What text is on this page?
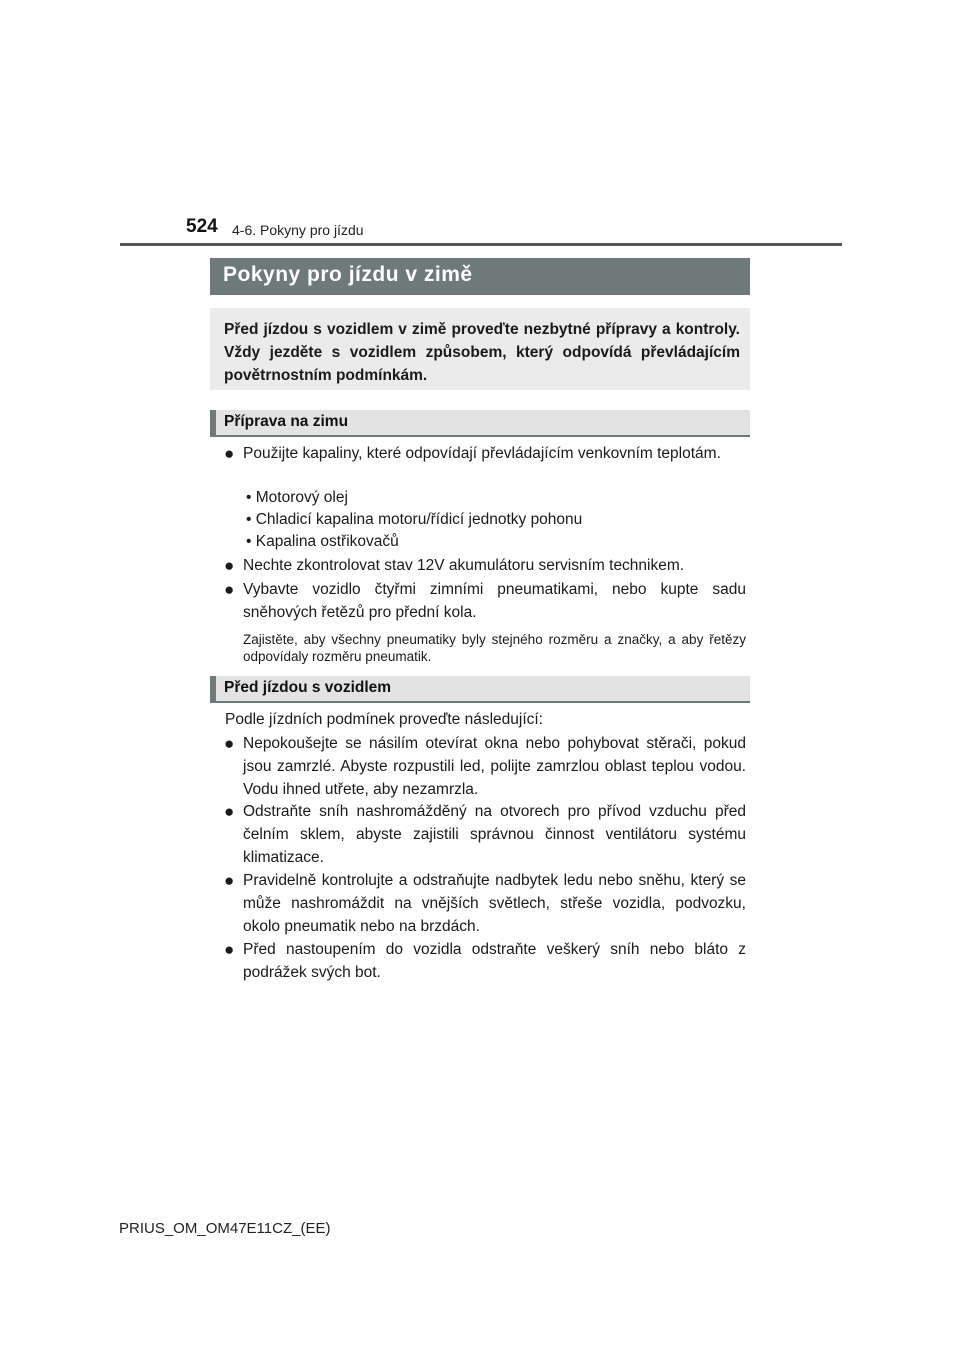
524 4-6. Pokyny pro jízdu
Pokyny pro jízdu v zimě
Před jízdou s vozidlem v zimě proveďte nezbytné přípravy a kontroly. Vždy jezděte s vozidlem způsobem, který odpovídá převládajícím povětrnostním podmínkám.
Příprava na zimu
● Použijte kapaliny, které odpovídají převládajícím venkovním teplotám.
• Motorový olej
• Chladicí kapalina motoru/řídicí jednotky pohonu
• Kapalina ostřikovačů
● Nechte zkontrolovat stav 12V akumulátoru servisním technikem.
● Vybavte vozidlo čtyřmi zimními pneumatikami, nebo kupte sadu sněhových řetězů pro přední kola.
Zajistěte, aby všechny pneumatiky byly stejného rozměru a značky, a aby řetězy odpovídaly rozměru pneumatik.
Před jízdou s vozidlem
Podle jízdních podmínek proveďte následující:
● Nepokoušejte se násilím otevírat okna nebo pohybovat stěrači, pokud jsou zamrzlé. Abyste rozpustili led, polijte zamrzlou oblast teplou vodou. Vodu ihned utřete, aby nezamrzla.
● Odstraňte sníh nashromážděný na otvorech pro přívod vzduchu před čelním sklem, abyste zajistili správnou činnost ventilátoru systému klimatizace.
● Pravidelně kontrolujte a odstraňujte nadbytek ledu nebo sněhu, který se může nashromáždit na vnějších světlech, střeše vozidla, podvozku, okolo pneumatik nebo na brzdách.
● Před nastoupením do vozidla odstraňte veškerý sníh nebo bláto z podrážek svých bot.
PRIUS_OM_OM47E11CZ_(EE)
